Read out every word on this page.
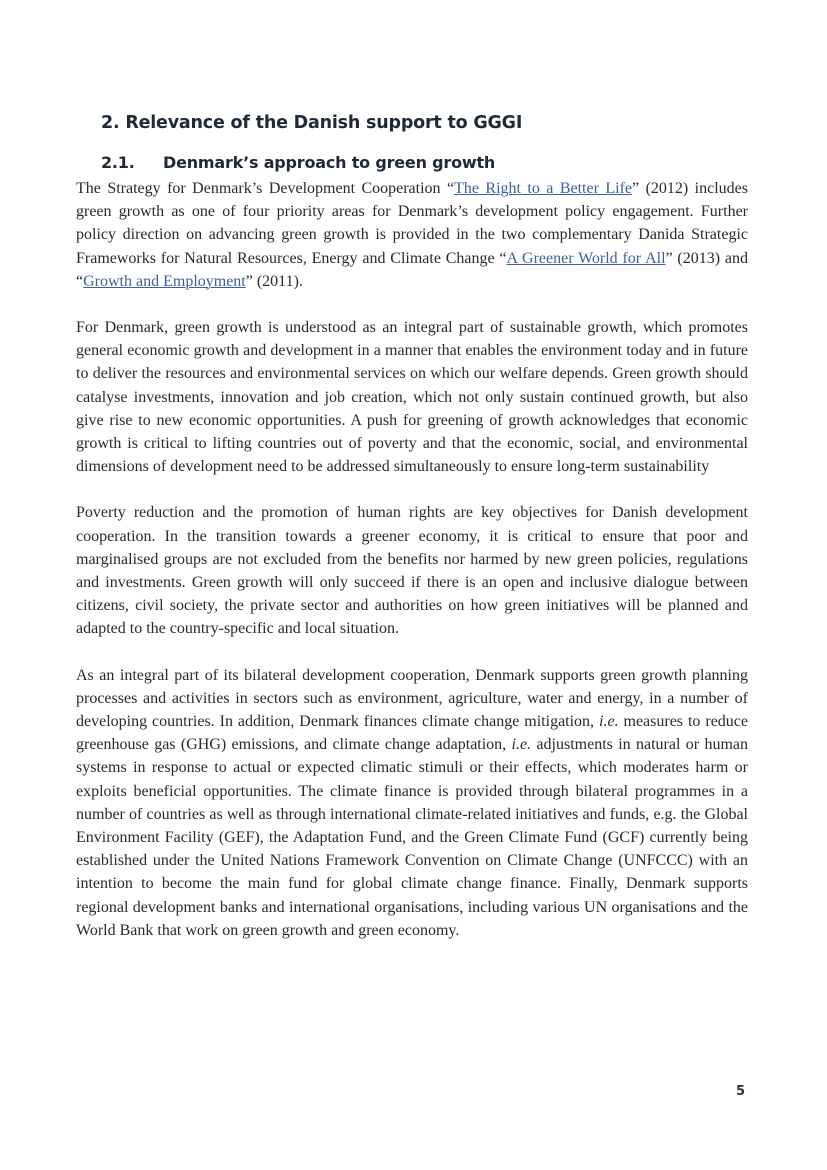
2. Relevance of the Danish support to GGGI
2.1. Denmark’s approach to green growth

The Strategy for Denmark’s Development Cooperation “The Right to a Better Life” (2012) includes green growth as one of four priority areas for Denmark’s development policy engagement. Further policy direction on advancing green growth is provided in the two complementary Danida Strategic Frameworks for Natural Resources, Energy and Climate Change “A Greener World for All” (2013) and “Growth and Employment” (2011).

For Denmark, green growth is understood as an integral part of sustainable growth, which promotes general economic growth and development in a manner that enables the environment today and in future to deliver the resources and environmental services on which our welfare depends. Green growth should catalyse investments, innovation and job creation, which not only sustain continued growth, but also give rise to new economic opportunities. A push for greening of growth acknowledges that economic growth is critical to lifting countries out of poverty and that the economic, social, and environmental dimensions of development need to be addressed simultaneously to ensure long-term sustainability

Poverty reduction and the promotion of human rights are key objectives for Danish development cooperation. In the transition towards a greener economy, it is critical to ensure that poor and marginalised groups are not excluded from the benefits nor harmed by new green policies, regulations and investments. Green growth will only succeed if there is an open and inclusive dialogue between citizens, civil society, the private sector and authorities on how green initiatives will be planned and adapted to the country-specific and local situation.

As an integral part of its bilateral development cooperation, Denmark supports green growth planning processes and activities in sectors such as environment, agriculture, water and energy, in a number of developing countries. In addition, Denmark finances climate change mitigation, i.e. measures to reduce greenhouse gas (GHG) emissions, and climate change adaptation, i.e. adjustments in natural or human systems in response to actual or expected climatic stimuli or their effects, which moderates harm or exploits beneficial opportunities. The climate finance is provided through bilateral programmes in a number of countries as well as through international climate-related initiatives and funds, e.g. the Global Environment Facility (GEF), the Adaptation Fund, and the Green Climate Fund (GCF) currently being established under the United Nations Framework Convention on Climate Change (UNFCCC) with an intention to become the main fund for global climate change finance. Finally, Denmark supports regional development banks and international organisations, including various UN organisations and the World Bank that work on green growth and green economy.

5
